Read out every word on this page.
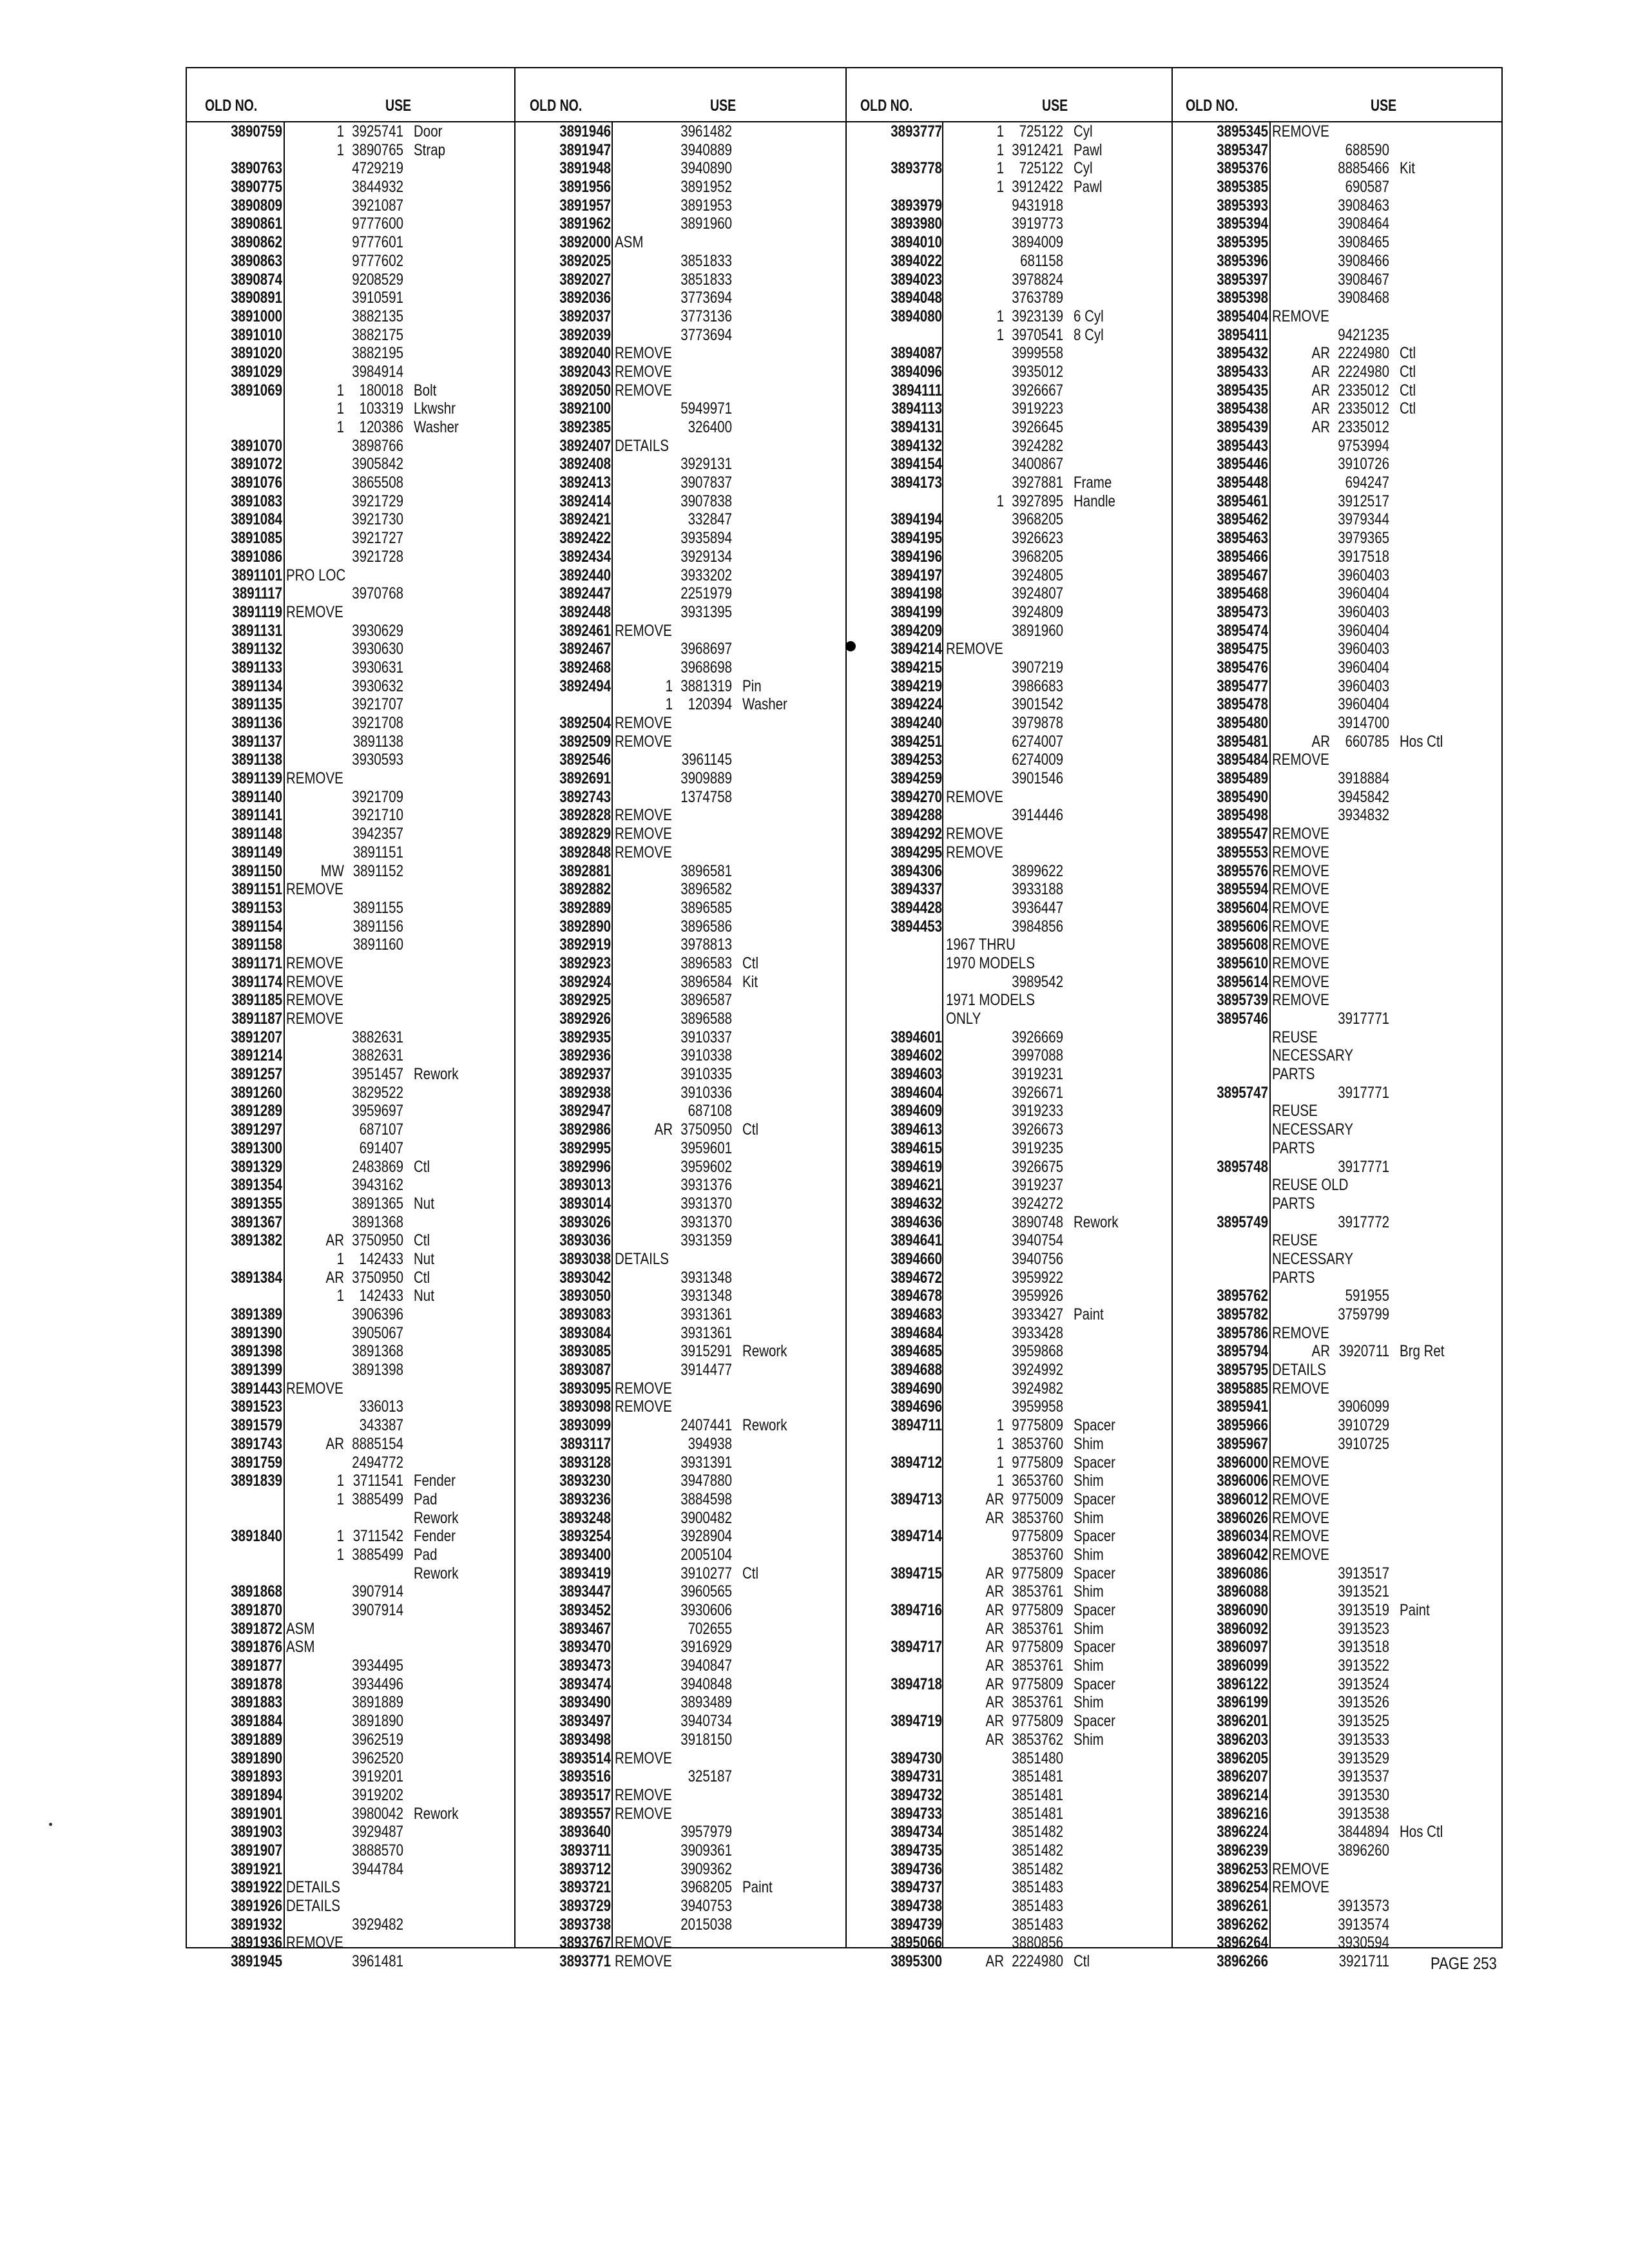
OLD NO.	USE	OLD NO.	USE	OLD NO.	USE	OLD NO.	USE
3890759	1 3925741 Door
1 3890765 Strap
3890763	4729219
3890775	3844932
3890809	3921087
3890861	9777600
3890862	9777601
3890863	9777602
3890874	9208529
3890891	3910591
3891000	3882135
3891010	3882175
3891020	3882195
3891029	3984914
3891069	1 180018 Bolt
1 103319 Lkwshr
1 120386 Washer
3891070	3898766
3891072	3905842
3891076	3865508
3891083	3921729
3891084	3921730
3891085	3921727
3891086	3921728
3891101 PRO LOC
3891117	3970768
3891119 REMOVE
3891131	3930629
3891132	3930630
3891133	3930631
3891134	3930632
3891135	3921707
3891136	3921708
3891137	3891138
3891138	3930593
3891139 REMOVE
3891140	3921709
3891141	3921710
3891148	3942357
3891149	3891151
3891150	MW 3891152
3891151 REMOVE
3891153	3891155
3891154	3891156
3891158	3891160
3891171 REMOVE
3891174 REMOVE
3891185 REMOVE
3891187 REMOVE
3891207	3882631
3891214	3882631
3891257	3951457 Rework
3891260	3829522
3891289	3959697
3891297	687107
3891300	691407
3891329	2483869 Ctl
3891354	3943162
3891355	3891365 Nut
3891367	3891368
3891382	AR 3750950 Ctl
1 142433 Nut
3891384	AR 3750950 Ctl
1 142433 Nut
3891389	3906396
3891390	3905067
3891398	3891368
3891399	3891398
3891443 REMOVE
3891523	336013
3891579	343387
3891743	AR 8885154
3891759	2494772
3891839	1 3711541 Fender
1 3885499 Pad
Rework
3891840	1 3711542 Fender
1 3885499 Pad
Rework
3891868	3907914
3891870	3907914
3891872 ASM
3891876 ASM
3891877	3934495
3891878	3934496
3891883	3891889
3891884	3891890
3891889	3962519
3891890	3962520
3891893	3919201
3891894	3919202
3891901	3980042 Rework
3891903	3929487
3891907	3888570
3891921	3944784
3891922 DETAILS
3891926 DETAILS
3891932	3929482
3891936 REMOVE
3891945	3961481
3891946	3961482
3891947	3940889
3891948	3940890
3891956	3891952
3891957	3891953
3891962	3891960
3892000 ASM
3892025	3851833
3892027	3851833
3892036	3773694
3892037	3773136
3892039	3773694
3892040 REMOVE
3892043 REMOVE
3892050 REMOVE
3892100	5949971
3892385	326400
3892407 DETAILS
3892408	3929131
3892413	3907837
3892414	3907838
3892421	332847
3892422	3935894
3892434	3929134
3892440	3933202
3892447	2251979
3892448	3931395
3892461 REMOVE
3892467	3968697
3892468	3968698
3892494	1 3881319 Pin
1 120394 Washer
3892504 REMOVE
3892509 REMOVE
3892546	3961145
3892691	3909889
3892743	1374758
3892828 REMOVE
3892829 REMOVE
3892848 REMOVE
3892881	3896581
3892882	3896582
3892889	3896585
3892890	3896586
3892919	3978813
3892923	3896583 Ctl
3892924	3896584 Kit
3892925	3896587
3892926	3896588
3892935	3910337
3892936	3910338
3892937	3910335
3892938	3910336
3892947	687108
3892986	AR 3750950 Ctl
3892995	3959601
3892996	3959602
3893013	3931376
3893014	3931370
3893026	3931370
3893036	3931359
3893038 DETAILS
3893042	3931348
3893050	3931348
3893083	3931361
3893084	3931361
3893085	3915291 Rework
3893087	3914477
3893095 REMOVE
3893098 REMOVE
3893099	2407441 Rework
3893117	394938
3893128	3931391
3893230	3947880
3893236	3884598
3893248	3900482
3893254	3928904
3893400	2005104
3893419	3910277 Ctl
3893447	3960565
3893452	3930606
3893467	702655
3893470	3916929
3893473	3940847
3893474	3940848
3893490	3893489
3893497	3940734
3893498	3918150
3893514 REMOVE
3893516	325187
3893517 REMOVE
3893557 REMOVE
3893640	3957979
3893711	3909361
3893712	3909362
3893721	3968205 Paint
3893729	3940753
3893738	2015038
3893767 REMOVE
3893771 REMOVE
3893777	1 725122 Cyl
1 3912421 Pawl
3893778	1 725122 Cyl
1 3912422 Pawl
3893979	9431918
3893980	3919773
3894010	3894009
3894022	681158
3894023	3978824
3894048	3763789
3894080	1 3923139 6 Cyl
1 3970541 8 Cyl
3894087	3999558
3894096	3935012
3894111	3926667
3894113	3919223
3894131	3926645
3894132	3924282
3894154	3400867
3894173	3927881 Frame
1 3927895 Handle
3894194	3968205
3894195	3926623
3894196	3968205
3894197	3924805
3894198	3924807
3894199	3924809
3894209	3891960
3894214 REMOVE
3894215	3907219
3894219	3986683
3894224	3901542
3894240	3979878
3894251	6274007
3894253	6274009
3894259	3901546
3894270 REMOVE
3894288	3914446
3894292 REMOVE
3894295 REMOVE
3894306	3899622
3894337	3933188
3894428	3936447
3894453	3984856
1967 THRU
1970 MODELS
3989542
1971 MODELS
ONLY
3894601	3926669
3894602	3997088
3894603	3919231
3894604	3926671
3894609	3919233
3894613	3926673
3894615	3919235
3894619	3926675
3894621	3919237
3894632	3924272
3894636	3890748 Rework
3894641	3940754
3894660	3940756
3894672	3959922
3894678	3959926
3894683	3933427 Paint
3894684	3933428
3894685	3959868
3894688	3924992
3894690	3924982
3894696	3959958
3894711	1 9775809 Spacer
1 3853760 Shim
3894712	1 9775809 Spacer
1 3653760 Shim
3894713	AR 9775009 Spacer
AR 3853760 Shim
3894714	9775809 Spacer
3853760 Shim
3894715	AR 9775809 Spacer
AR 3853761 Shim
3894716	AR 9775809 Spacer
AR 3853761 Shim
3894717	AR 9775809 Spacer
AR 3853761 Shim
3894718	AR 9775809 Spacer
AR 3853761 Shim
3894719	AR 9775809 Spacer
AR 3853762 Shim
3894730	3851480
3894731	3851481
3894732	3851481
3894733	3851481
3894734	3851482
3894735	3851482
3894736	3851482
3894737	3851483
3894738	3851483
3894739	3851483
3895066	3880856
3895300	AR 2224980 Ctl
3895345 REMOVE
3895347	688590
3895376	8885466 Kit
3895385	690587
3895393	3908463
3895394	3908464
3895395	3908465
3895396	3908466
3895397	3908467
3895398	3908468
3895404 REMOVE
3895411	9421235
3895432	AR 2224980 Ctl
3895433	AR 2224980 Ctl
3895435	AR 2335012 Ctl
3895438	AR 2335012 Ctl
3895439	AR 2335012
3895443	9753994
3895446	3910726
3895448	694247
3895461	3912517
3895462	3979344
3895463	3979365
3895466	3917518
3895467	3960403
3895468	3960404
3895473	3960403
3895474	3960404
3895475	3960403
3895476	3960404
3895477	3960403
3895478	3960404
3895480	3914700
3895481	AR 660785 Hos Ctl
3895484 REMOVE
3895489	3918884
3895490	3945842
3895498	3934832
3895547 REMOVE
3895553 REMOVE
3895576 REMOVE
3895594 REMOVE
3895604 REMOVE
3895606 REMOVE
3895608 REMOVE
3895610 REMOVE
3895614 REMOVE
3895739 REMOVE
3895746	3917771
REUSE
NECESSARY
PARTS
3895747	3917771
REUSE
NECESSARY
PARTS
3895748	3917771
REUSE OLD
PARTS
3895749	3917772
REUSE
NECESSARY
PARTS
3895762	591955
3895782	3759799
3895786 REMOVE
3895794	AR 3920711 Brg Ret
3895795 DETAILS
3895885 REMOVE
3895941	3906099
3895966	3910729
3895967	3910725
3896000 REMOVE
3896006 REMOVE
3896012 REMOVE
3896026 REMOVE
3896034 REMOVE
3896042 REMOVE
3896086	3913517
3896088	3913521
3896090	3913519 Paint
3896092	3913523
3896097	3913518
3896099	3913522
3896122	3913524
3896199	3913526
3896201	3913525
3896203	3913533
3896205	3913529
3896207	3913537
3896214	3913530
3896216	3913538
3896224	3844894 Hos Ctl
3896239	3896260
3896253 REMOVE
3896254 REMOVE
3896261	3913573
3896262	3913574
3896264	3930594
3896266	3921711 PAGE 253
